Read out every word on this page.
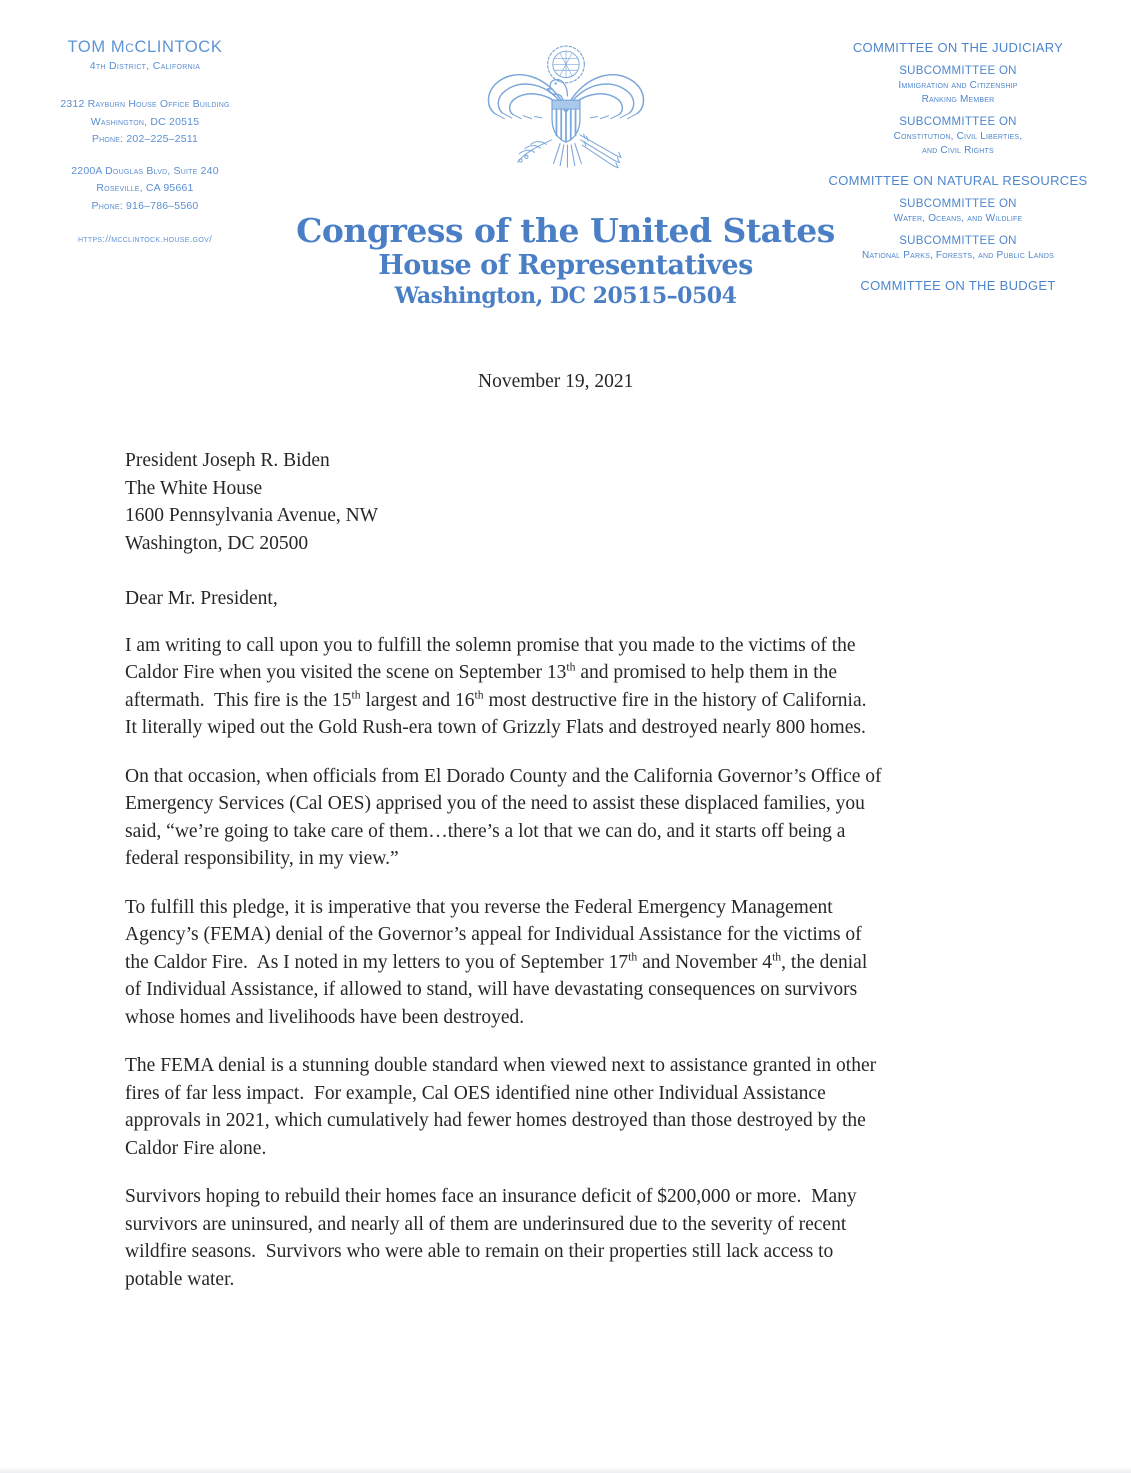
TOM McCLINTOCK
4th District, California
2312 Rayburn House Office Building
Washington, DC 20515
Phone: 202–225–2511
2200A Douglas Blvd, Suite 240
Roseville, CA 95661
Phone: 916–786–5560
https://mcclintock.house.gov/	Congress of the United States
House of Representatives
Washington, DC 20515–0504
COMMITTEE ON THE JUDICIARY
SUBCOMMITTEE ON
Immigration and Citizenship
Ranking Member
SUBCOMMITTEE ON
Constitution, Civil Liberties,
and Civil Rights
COMMITTEE ON NATURAL RESOURCES
SUBCOMMITTEE ON
Water, Oceans, and Wildlife
SUBCOMMITTEE ON
National Parks, Forests, and Public Lands
COMMITTEE ON THE BUDGET
November 19, 2021
President Joseph R. Biden
The White House
1600 Pennsylvania Avenue, NW
Washington, DC 20500
Dear Mr. President,
I am writing to call upon you to fulfill the solemn promise that you made to the victims of the
Caldor Fire when you visited the scene on September 13th and promised to help them in the
aftermath.  This fire is the 15th largest and 16th most destructive fire in the history of California.
It literally wiped out the Gold Rush-era town of Grizzly Flats and destroyed nearly 800 homes.
On that occasion, when officials from El Dorado County and the California Governor’s Office of
Emergency Services (Cal OES) apprised you of the need to assist these displaced families, you
said, “we’re going to take care of them…there’s a lot that we can do, and it starts off being a
federal responsibility, in my view.”
To fulfill this pledge, it is imperative that you reverse the Federal Emergency Management
Agency’s (FEMA) denial of the Governor’s appeal for Individual Assistance for the victims of
the Caldor Fire.  As I noted in my letters to you of September 17th and November 4th, the denial
of Individual Assistance, if allowed to stand, will have devastating consequences on survivors
whose homes and livelihoods have been destroyed.
The FEMA denial is a stunning double standard when viewed next to assistance granted in other
fires of far less impact.  For example, Cal OES identified nine other Individual Assistance
approvals in 2021, which cumulatively had fewer homes destroyed than those destroyed by the
Caldor Fire alone.
Survivors hoping to rebuild their homes face an insurance deficit of $200,000 or more.  Many
survivors are uninsured, and nearly all of them are underinsured due to the severity of recent
wildfire seasons.  Survivors who were able to remain on their properties still lack access to
potable water.
